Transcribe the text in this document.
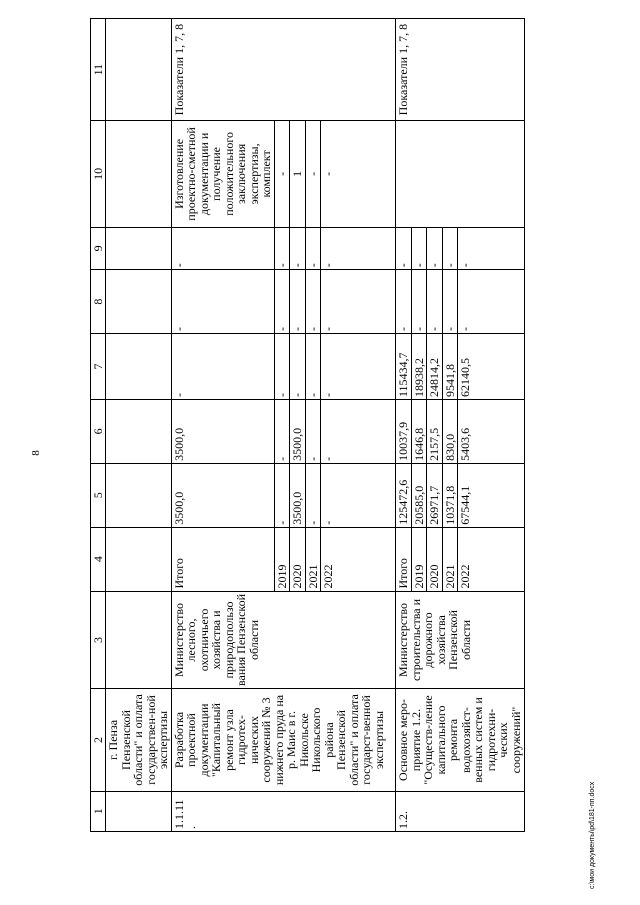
8
1	2	3	4	5	6	7	8	9	10	11
	г. Пенза Пензенской области" и оплата государствен-ной экспертизы									
1.1.11 .	Разработка проектной документации "Капитальный ремонт узла гидротех-нических сооружений № 3 нижнего пруда на р. Маис в г. Никольске Никольского района Пензенской области" и оплата государст-венной экспертизы	Министерство лесного, охотничьего хозяйства и природопользо вания Пензенской области	Итого	3500,0	3500,0	-	-	-	Изготовление проектно-сметной документации и получение положительного заключения экспертизы, комплект	Показатели 1, 7, 8
			2019	-	-	-	-	-	-	
			2020	3500,0	3500,0	-	-	-	1	
			2021	-	-	-	-	-	-	
			2022	-	-	-	-	-	-	
1.2.	Основное меро-приятие 1.2. "Осуществ-ление капитального ремонта водохозяйст-венных систем и гидротехни-ческих сооружений"	Министерство строительства и дорожного хозяйства Пензенской области	Итого	125472,6	10037,9	115434,7	-	-		Показатели 1, 7, 8
			2019	20585,0	1646,8	18938,2	-	-		
			2020	26971,7	2157,5	24814,2	-	-		
			2021	10371,8	830,0	9541,8	-	-		
			2022	67544,1	5403,6	62140,5	-	-		
c:\мои документы\pd\181-пп.docx
